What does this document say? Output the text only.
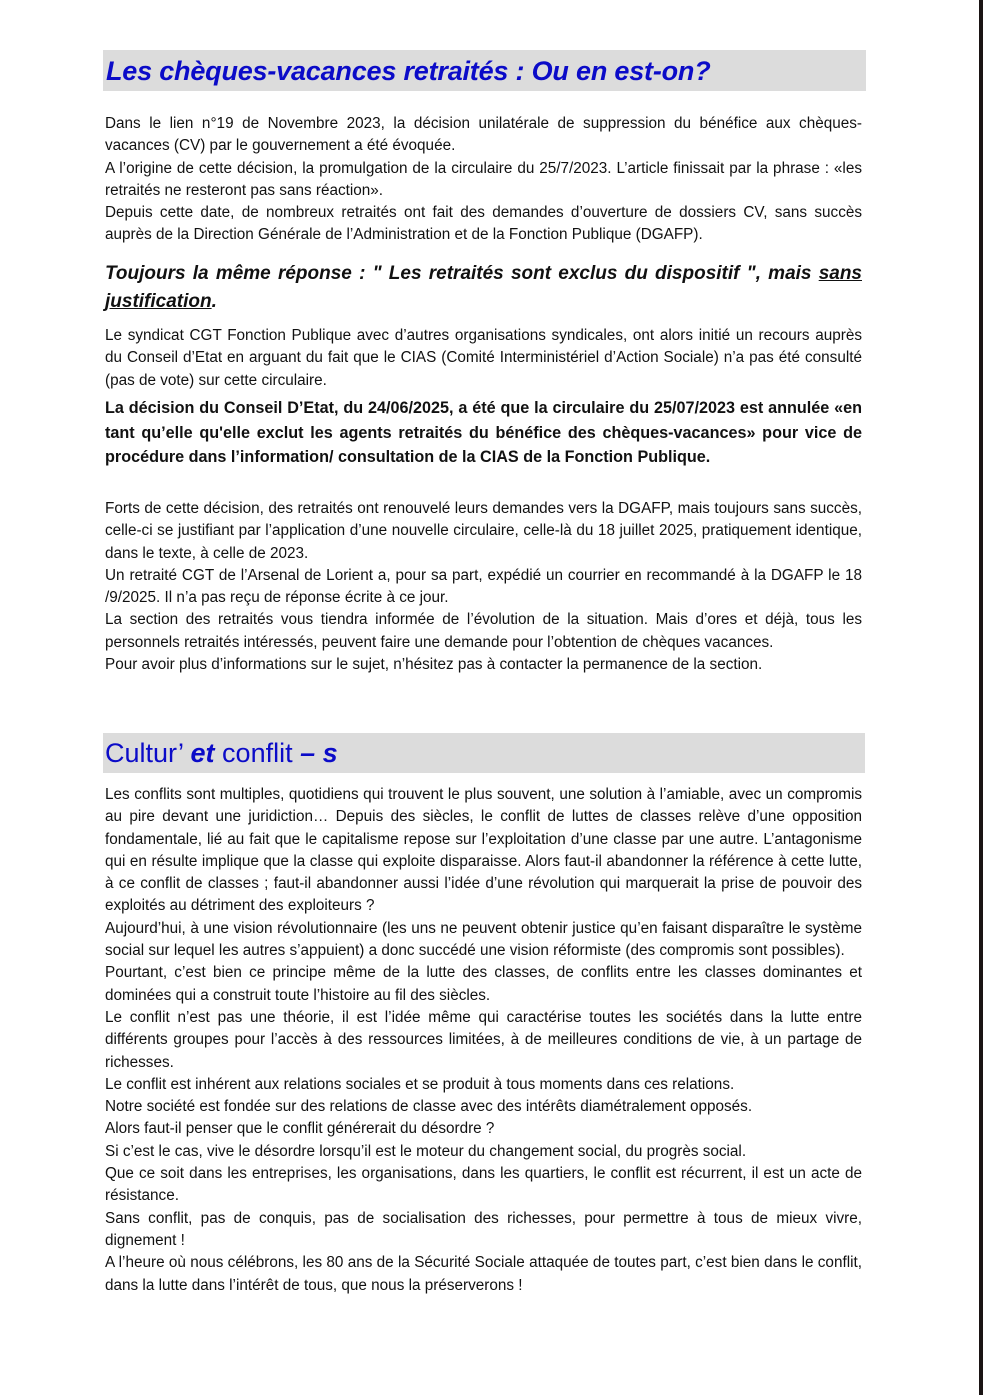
Les chèques-vacances retraités : Ou en est-on?

Dans le lien n°19 de Novembre 2023, la décision unilatérale de suppression du bénéfice aux chèques-vacances (CV) par le gouvernement a été évoquée.

A l’origine de cette décision, la promulgation de la circulaire du 25/7/2023. L’article finissait par la phrase : «les retraités ne resteront pas sans réaction».

Depuis cette date, de nombreux retraités ont fait des demandes d’ouverture de dossiers CV, sans succès auprès de la Direction Générale de l’Administration et de la Fonction Publique (DGAFP).

Toujours la même réponse : " Les retraités sont exclus du dispositif ", mais sans justification.

Le syndicat CGT Fonction Publique avec d’autres organisations syndicales, ont alors initié un recours auprès du Conseil d’Etat en arguant du fait que le CIAS (Comité Interministériel d’Action Sociale) n’a pas été consulté (pas de vote) sur cette circulaire.

La décision du Conseil D’Etat, du 24/06/2025, a été que la circulaire du 25/07/2023 est annulée «en tant qu’elle qu'elle exclut les agents retraités du bénéfice des chèques-vacances» pour vice de procédure dans l’information/ consultation de la CIAS de la Fonction Publique.

Forts de cette décision, des retraités ont renouvelé leurs demandes vers la DGAFP, mais toujours sans succès, celle-ci se justifiant par l’application d’une nouvelle circulaire, celle-là du 18 juillet 2025, pratiquement identique, dans le texte, à celle de 2023.

Un retraité CGT de l’Arsenal de Lorient a, pour sa part, expédié un courrier en recommandé à la DGAFP le 18 /9/2025. Il n’a pas reçu de réponse écrite à ce jour.

La section des retraités vous tiendra informée de l’évolution de la situation. Mais d’ores et déjà, tous les personnels retraités intéressés, peuvent faire une demande pour l’obtention de chèques vacances.

Pour avoir plus d’informations sur le sujet, n’hésitez pas à contacter la permanence de la section.

Cultur’ et conflit – s

Les conflits sont multiples, quotidiens qui trouvent le plus souvent, une solution à l’amiable, avec un compromis au pire devant une juridiction… Depuis des siècles, le conflit de luttes de classes relève d’une opposition fondamentale, lié au fait que le capitalisme repose sur l’exploitation d’une classe par une autre. L’antagonisme qui en résulte implique que la classe qui exploite disparaisse. Alors faut-il abandonner la référence à cette lutte, à ce conflit de classes ; faut-il abandonner aussi l’idée d’une révolution qui marquerait la prise de pouvoir des exploités au détriment des exploiteurs ?

Aujourd’hui, à une vision révolutionnaire (les uns ne peuvent obtenir justice qu’en faisant disparaître le système social sur lequel les autres s’appuient) a donc succédé une vision réformiste (des compromis sont possibles).

Pourtant, c’est bien ce principe même de la lutte des classes, de conflits entre les classes dominantes et dominées qui a construit toute l’histoire au fil des siècles.

Le conflit n’est pas une théorie, il est l’idée même qui caractérise toutes les sociétés dans la lutte entre différents groupes pour l’accès à des ressources limitées, à de meilleures conditions de vie, à un partage de richesses.

Le conflit est inhérent aux relations sociales et se produit à tous moments dans ces relations.

Notre société est fondée sur des relations de classe avec des intérêts diamétralement opposés.

Alors faut-il penser que le conflit générerait du désordre ?

Si c’est le cas, vive le désordre lorsqu’il est le moteur du changement social, du progrès social.

Que ce soit dans les entreprises, les organisations, dans les quartiers, le conflit est récurrent, il est un acte de résistance.

Sans conflit, pas de conquis, pas de socialisation des richesses, pour permettre à tous de mieux vivre, dignement !

A l’heure où nous célébrons, les 80 ans de la Sécurité Sociale attaquée de toutes part, c’est bien dans le conflit, dans la lutte dans l’intérêt de tous, que nous la préserverons !
